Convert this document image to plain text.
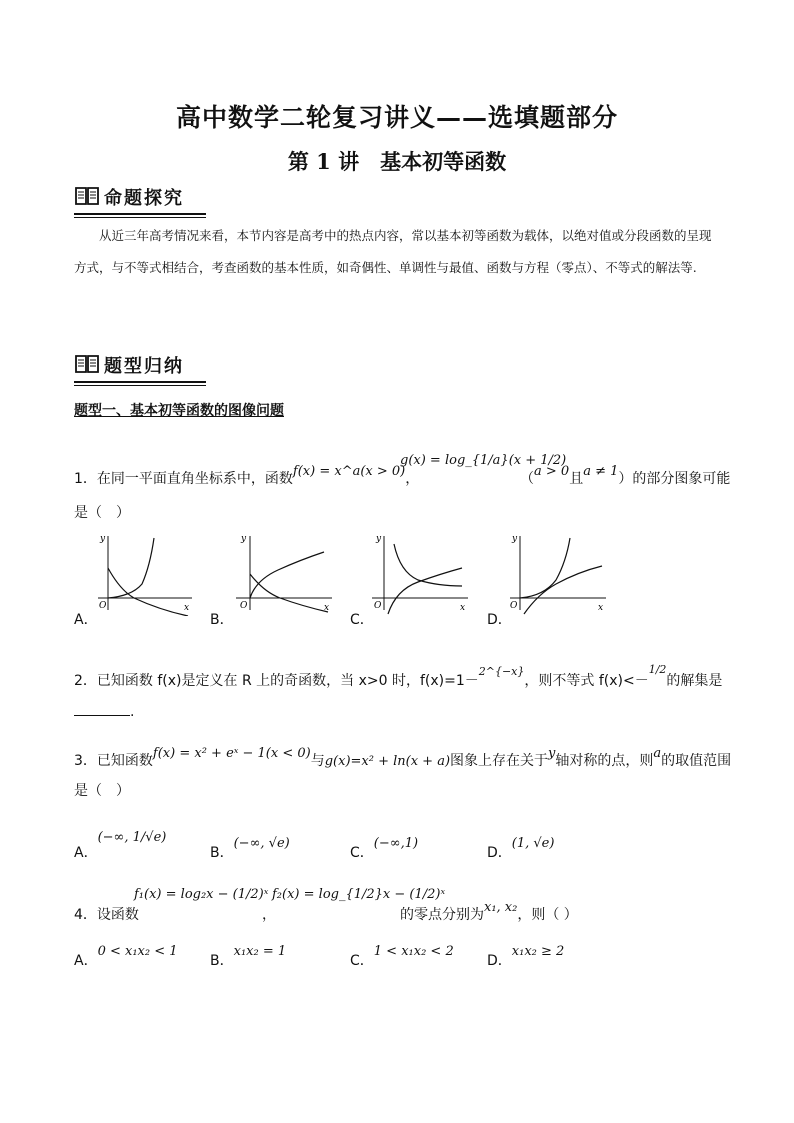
高中数学二轮复习讲义——选填题部分
第 1 讲　基本初等函数
命题探究
从近三年高考情况来看，本节内容是高考中的热点内容，常以基本初等函数为载体，以绝对值或分段函数的呈现方式，与不等式相结合，考查函数的基本性质，如奇偶性、单调性与最值、函数与方程（零点）、不等式的解法等.
题型归纳
题型一、基本初等函数的图像问题
1．在同一平面直角坐标系中，函数f(x) = x^a(x > 0)，
g(x) = log_{1/a}(x + 1/2)
（a > 0且a ≠ 1）的部分图象可能
是（　）
A．	B．	C．	D．
y
x
O
y
x
O
y
x
O
y
x
O
2．已知函数 f(x)是定义在 R 上的奇函数，当 x>0 时，f(x)=1－$^{2\^{}\{-x\}}$，则不等式 f(x)<－$^{1/2}$的解集是
.
3．已知函数f(x) = x² + eˣ − 1(x < 0)与g(x)=x² + ln(x + a)图象上存在关于y轴对称的点，则a的取值范围
是（　）
A．(−∞, 1/√e)
B．(−∞, √e)
C．(−∞,1)
D．(1, √e)
4．设函数
f₁(x) = log₂x − (1/2)ˣ
，
f₂(x) = log_{1/2}x − (1/2)ˣ
的零点分别为x₁, x₂，则（ ）
A．0 < x₁x₂ < 1
B．x₁x₂ = 1
C．1 < x₁x₂ < 2
D．x₁x₂ ≥ 2
